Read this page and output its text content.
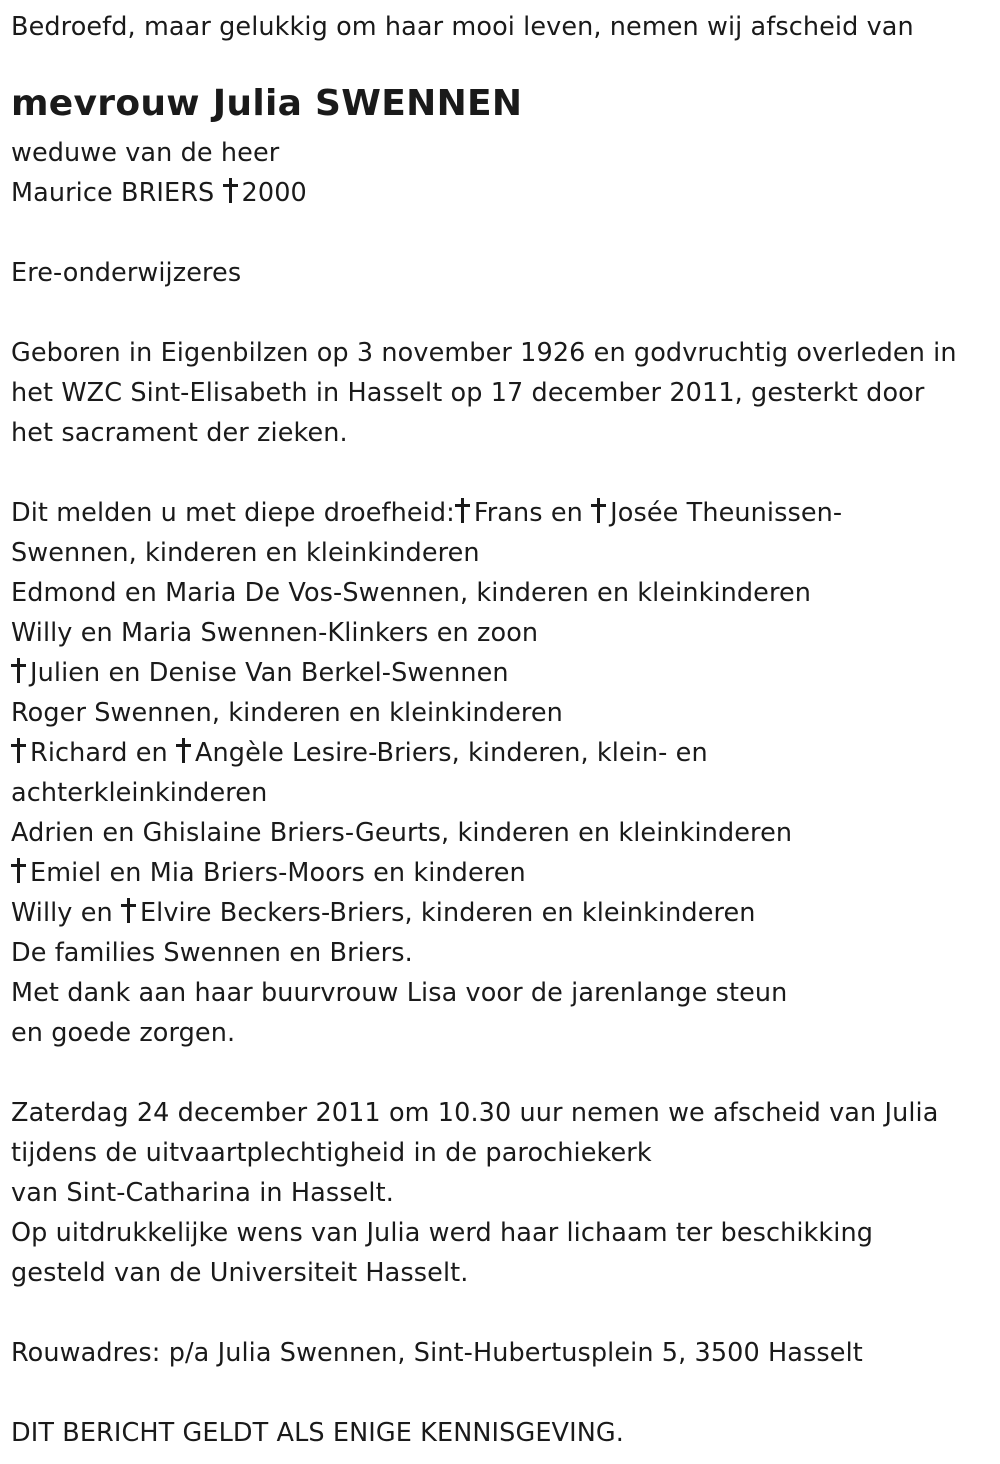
Bedroefd, maar gelukkig om haar mooi leven, nemen wij afscheid van
mevrouw Julia SWENNEN
weduwe van de heer
Maurice BRIERS 2000
Ere-onderwijzeres
Geboren in Eigenbilzen op 3 november 1926 en godvruchtig overleden in
het WZC Sint-Elisabeth in Hasselt op 17 december 2011, gesterkt door
het sacrament der zieken.
Dit melden u met diepe droefheid: Frans en Josée Theunissen-
Swennen, kinderen en kleinkinderen
Edmond en Maria De Vos-Swennen, kinderen en kleinkinderen
Willy en Maria Swennen-Klinkers en zoon
Julien en Denise Van Berkel-Swennen
Roger Swennen, kinderen en kleinkinderen
Richard en Angèle Lesire-Briers, kinderen, klein- en
achterkleinkinderen
Adrien en Ghislaine Briers-Geurts, kinderen en kleinkinderen
Emiel en Mia Briers-Moors en kinderen
Willy en Elvire Beckers-Briers, kinderen en kleinkinderen
De families Swennen en Briers.
Met dank aan haar buurvrouw Lisa voor de jarenlange steun
en goede zorgen.
Zaterdag 24 december 2011 om 10.30 uur nemen we afscheid van Julia
tijdens de uitvaartplechtigheid in de parochiekerk
van Sint-Catharina in Hasselt.
Op uitdrukkelijke wens van Julia werd haar lichaam ter beschikking
gesteld van de Universiteit Hasselt.
Rouwadres: p/a Julia Swennen, Sint-Hubertusplein 5, 3500 Hasselt
DIT BERICHT GELDT ALS ENIGE KENNISGEVING.
